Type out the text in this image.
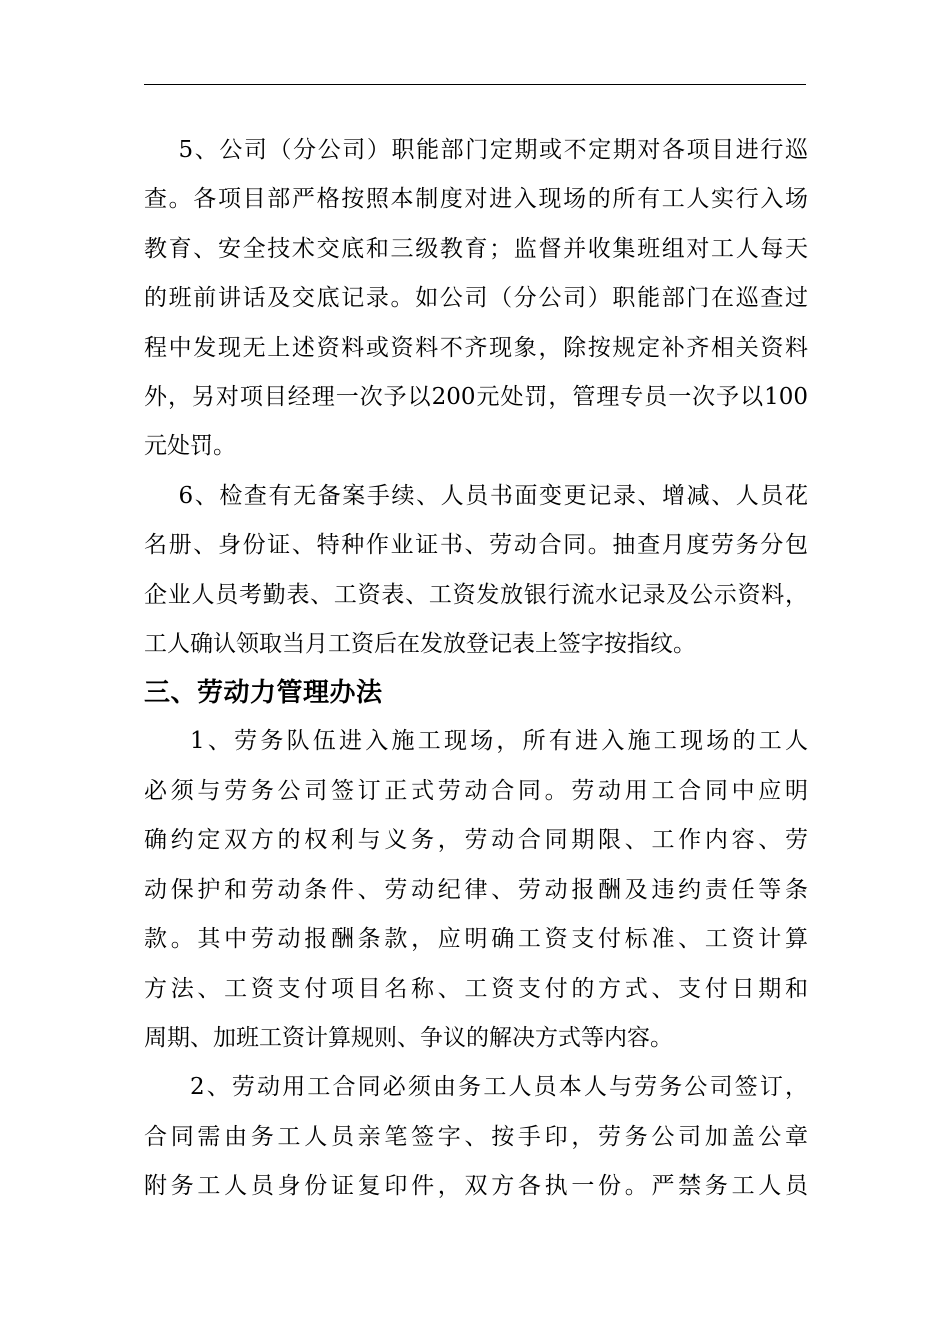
5、公司（分公司）职能部门定期或不定期对各项目进行巡
查。各项目部严格按照本制度对进入现场的所有工人实行入场
教育、安全技术交底和三级教育；监督并收集班组对工人每天
的班前讲话及交底记录。如公司（分公司）职能部门在巡查过
程中发现无上述资料或资料不齐现象，除按规定补齐相关资料
外，另对项目经理一次予以200元处罚，管理专员一次予以100
元处罚。
6、检查有无备案手续、人员书面变更记录、增减、人员花
名册、身份证、特种作业证书、劳动合同。抽查月度劳务分包
企业人员考勤表、工资表、工资发放银行流水记录及公示资料，
工人确认领取当月工资后在发放登记表上签字按指纹。
三、劳动力管理办法
1、劳务队伍进入施工现场，所有进入施工现场的工人
必须与劳务公司签订正式劳动合同。劳动用工合同中应明
确约定双方的权利与义务，劳动合同期限、工作内容、劳
动保护和劳动条件、劳动纪律、劳动报酬及违约责任等条
款。其中劳动报酬条款，应明确工资支付标准、工资计算
方法、工资支付项目名称、工资支付的方式、支付日期和
周期、加班工资计算规则、争议的解决方式等内容。
2、劳动用工合同必须由务工人员本人与劳务公司签订，
合同需由务工人员亲笔签字、按手印，劳务公司加盖公章
附务工人员身份证复印件，双方各执一份。严禁务工人员
